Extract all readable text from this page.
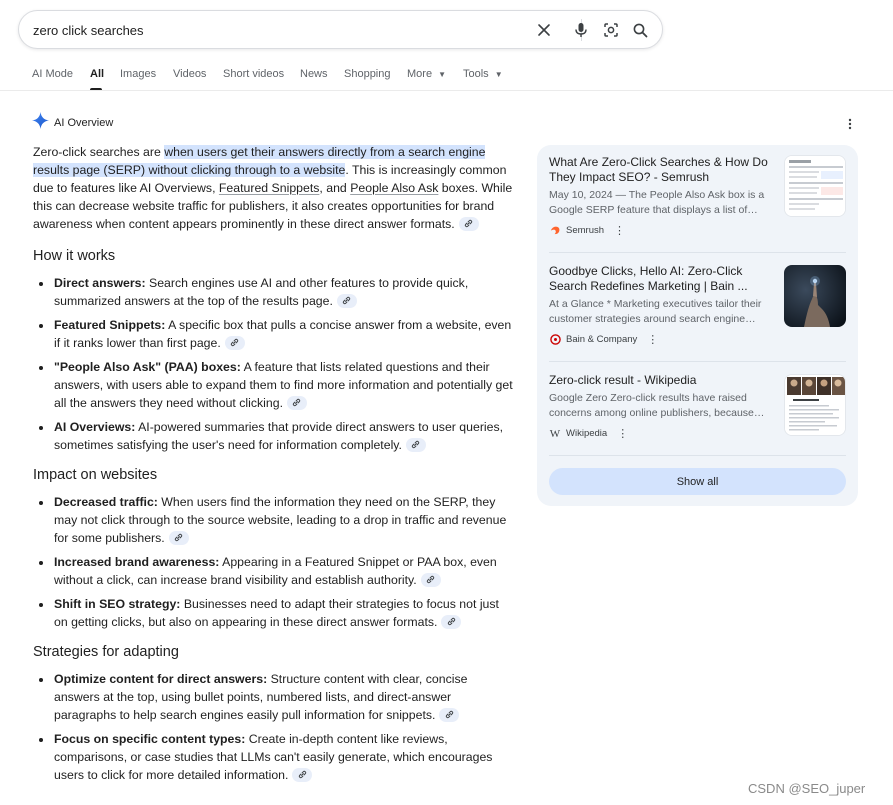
zero click searches
AI Mode All Images Videos Short videos News Shopping More ▼ Tools ▼
AI Overview

Zero-click searches are when users get their answers directly from a search engine results page (SERP) without clicking through to a website. This is increasingly common due to features like AI Overviews, Featured Snippets, and People Also Ask boxes. While this can decrease website traffic for publishers, it also creates opportunities for brand awareness when content appears prominently in these direct answer formats.

How it works
Direct answers: Search engines use AI and other features to provide quick, summarized answers at the top of the results page.
Featured Snippets: A specific box that pulls a concise answer from a website, even if it ranks lower than first page.
"People Also Ask" (PAA) boxes: A feature that lists related questions and their answers, with users able to expand them to find more information and potentially get all the answers they need without clicking.
AI Overviews: AI-powered summaries that provide direct answers to user queries, sometimes satisfying the user's need for information completely.
Impact on websites
Decreased traffic: When users find the information they need on the SERP, they may not click through to the source website, leading to a drop in traffic and revenue for some publishers.
Increased brand awareness: Appearing in a Featured Snippet or PAA box, even without a click, can increase brand visibility and establish authority.
Shift in SEO strategy: Businesses need to adapt their strategies to focus not just on getting clicks, but also on appearing in these direct answer formats.
Strategies for adapting
Optimize content for direct answers: Structure content with clear, concise answers at the top, using bullet points, numbered lists, and direct-answer paragraphs to help search engines easily pull information for snippets.
Focus on specific content types: Create in-depth content like reviews, comparisons, or case studies that LLMs can't easily generate, which encourages users to click for more detailed information.
What Are Zero-Click Searches & How Do They Impact SEO? - Semrush
May 10, 2024 — The People Also Ask box is a Google SERP feature that displays a list of…
Semrush ⋮
Goodbye Clicks, Hello AI: Zero-Click Search Redefines Marketing | Bain ...
At a Glance * Marketing executives tailor their customer strategies around search engine…
Bain & Company ⋮
Zero-click result - Wikipedia
Google Zero Zero-click results have raised concerns among online publishers, because…
W Wikipedia ⋮
Show all
CSDN @SEO_juper
